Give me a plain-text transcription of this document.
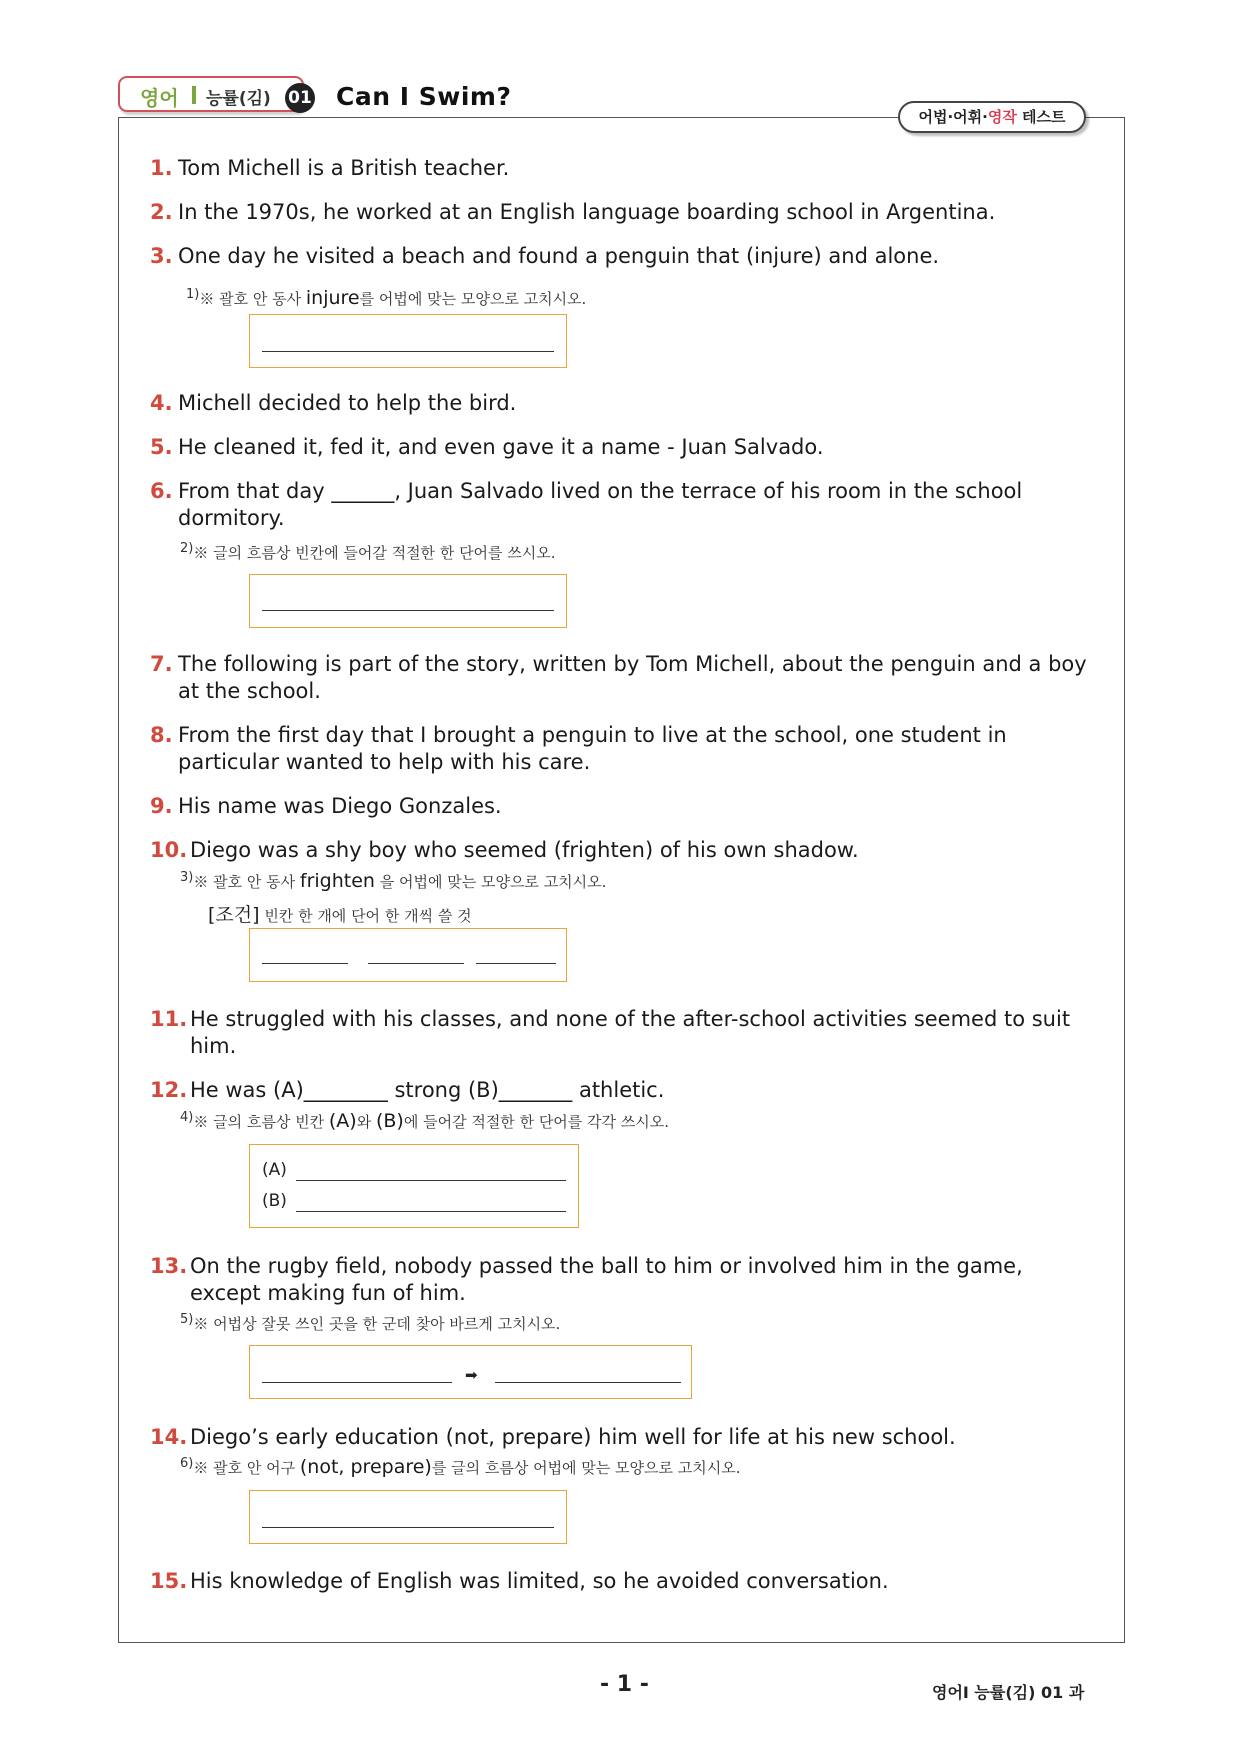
영어 능률(김) 01 Can I Swim?
어법·어휘·영작 테스트
1. Tom Michell is a British teacher.
2. In the 1970s, he worked at an English language boarding school in Argentina.
3. One day he visited a beach and found a penguin that (injure) and alone.
$^{1)}$※ 괄호 안 동사 injure를 어법에 맞는 모양으로 고치시오.
4. Michell decided to help the bird.
5. He cleaned it, fed it, and even gave it a name - Juan Salvado.
6. From that day ______, Juan Salvado lived on the terrace of his room in the school dormitory.
$^{2)}$※ 글의 흐름상 빈칸에 들어갈 적절한 한 단어를 쓰시오.
7. The following is part of the story, written by Tom Michell, about the penguin and a boy at the school.
8. From the first day that I brought a penguin to live at the school, one student in particular wanted to help with his care.
9. His name was Diego Gonzales.
10. Diego was a shy boy who seemed (frighten) of his own shadow.
$^{3)}$※ 괄호 안 동사 frighten 을 어법에 맞는 모양으로 고치시오.
[조건] 빈칸 한 개에 단어 한 개씩 쓸 것
11. He struggled with his classes, and none of the after-school activities seemed to suit him.
12. He was (A)________ strong (B)_______ athletic.
$^{4)}$※ 글의 흐름상 빈칸 (A)와 (B)에 들어갈 적절한 한 단어를 각각 쓰시오.
(A)
(B)
13. On the rugby field, nobody passed the ball to him or involved him in the game, except making fun of him.
$^{5)}$※ 어법상 잘못 쓰인 곳을 한 군데 찾아 바르게 고치시오.
➡
14. Diego’s early education (not, prepare) him well for life at his new school.
$^{6)}$※ 괄호 안 어구 (not, prepare)를 글의 흐름상 어법에 맞는 모양으로 고치시오.
15. His knowledge of English was limited, so he avoided conversation.
- 1 -	영어Ⅰ 능률(김) 01 과
